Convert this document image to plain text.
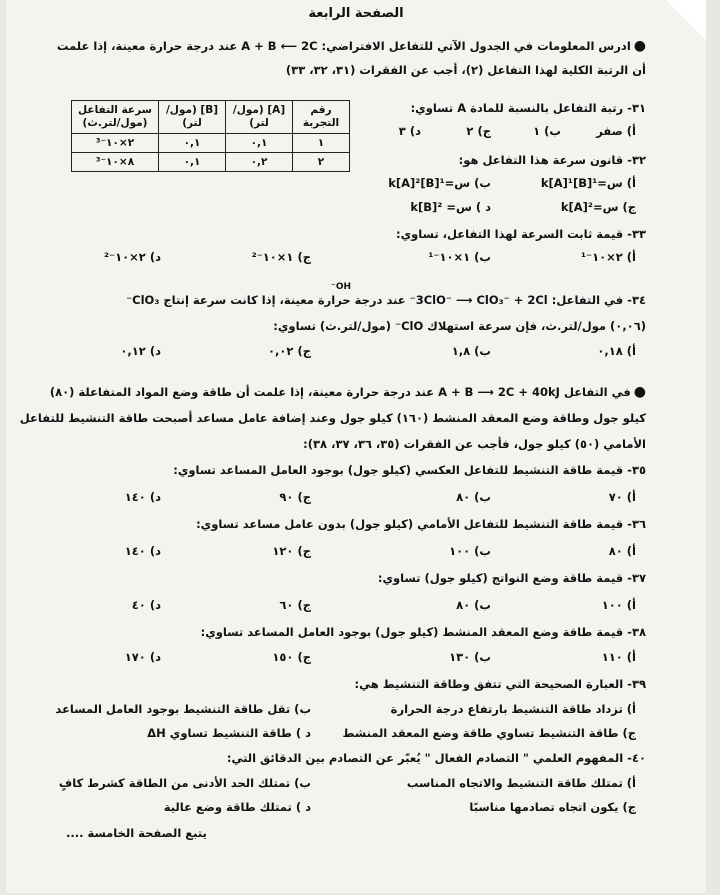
الصفحة الرابعة
●ادرس المعلومات في الجدول الآتي للتفاعل الافتراضي: A + B ⟵ 2C عند درجة حرارة معينة، إذا علمت
أن الرتبة الكلية لهذا التفاعل (٢)، أجب عن الفقرات (٣١، ٣٢، ٣٣)
رقم التجربة	[A] (مول/لتر)	[B] (مول/لتر)	سرعة التفاعل (مول/لتر.ث)
١	٠,١	٠,١	٢×١٠⁻³
٢	٠,٢	٠,١	٨×١٠⁻³
٣١- رتبة التفاعل بالنسبة للمادة A تساوي:
أ) صفر
ب) ١
ج) ٢
د) ٣
٣٢- قانون سرعة هذا التفاعل هو:
أ) س=k[A]¹[B]¹
ب) س=k[A]²[B]¹
ج) س=k[A]²
د ) س= k[B]²
٣٣- قيمة ثابت السرعة لهذا التفاعل، تساوي:
أ) ٢×١٠⁻¹
ب) ١×١٠⁻¹
ج) ١×١٠⁻²
د) ٢×١٠⁻²
OH⁻
٣٤- في التفاعل: 3ClO⁻ ⟶ ClO₃⁻ + 2Cl⁻ عند درجة حرارة معينة، إذا كانت سرعة إنتاج ClO₃⁻
(٠,٠٦) مول/لتر.ث، فإن سرعة استهلاك ClO⁻ (مول/لتر.ث) تساوي:
أ) ٠,١٨
ب) ١,٨
ج) ٠,٠٢
د) ٠,١٢
●في التفاعل A + B ⟶ 2C + 40kJ عند درجة حرارة معينة، إذا علمت أن طاقة وضع المواد المتفاعلة (٨٠)
كيلو جول وطاقة وضع المعقد المنشط (١٦٠) كيلو جول وعند إضافة عامل مساعد أصبحت طاقة التنشيط للتفاعل
الأمامي (٥٠) كيلو جول، فأجب عن الفقرات (٣٥، ٣٦، ٣٧، ٣٨):
٣٥- قيمة طاقة التنشيط للتفاعل العكسي (كيلو جول) بوجود العامل المساعد تساوي:
أ) ٧٠
ب) ٨٠
ج) ٩٠
د) ١٤٠
٣٦- قيمة طاقة التنشيط للتفاعل الأمامي (كيلو جول) بدون عامل مساعد تساوي:
أ) ٨٠
ب) ١٠٠
ج) ١٢٠
د) ١٤٠
٣٧- قيمة طاقة وضع النواتج (كيلو جول) تساوي:
أ) ١٠٠
ب) ٨٠
ج) ٦٠
د) ٤٠
٣٨- قيمة طاقة وضع المعقد المنشط (كيلو جول) بوجود العامل المساعد تساوي:
أ) ١١٠
ب) ١٣٠
ج) ١٥٠
د) ١٧٠
٣٩- العبارة الصحيحة التي تتفق وطاقة التنشيط هي:
أ) تزداد طاقة التنشيط بارتفاع درجة الحرارة
ب) تقل طاقة التنشيط بوجود العامل المساعد
ج) طاقة التنشيط تساوي طاقة وضع المعقد المنشط
د ) طاقة التنشيط تساوي ΔH
٤٠- المفهوم العلمي " التصادم الفعال " يُعبّر عن التصادم بين الدقائق التي:
أ) تمتلك طاقة التنشيط والاتجاه المناسب
ب) تمتلك الحد الأدنى من الطاقة كشرط كافٍ
ج) يكون اتجاه تصادمها مناسبًا
د ) تمتلك طاقة وضع عالية
يتبع الصفحة الخامسة ....
